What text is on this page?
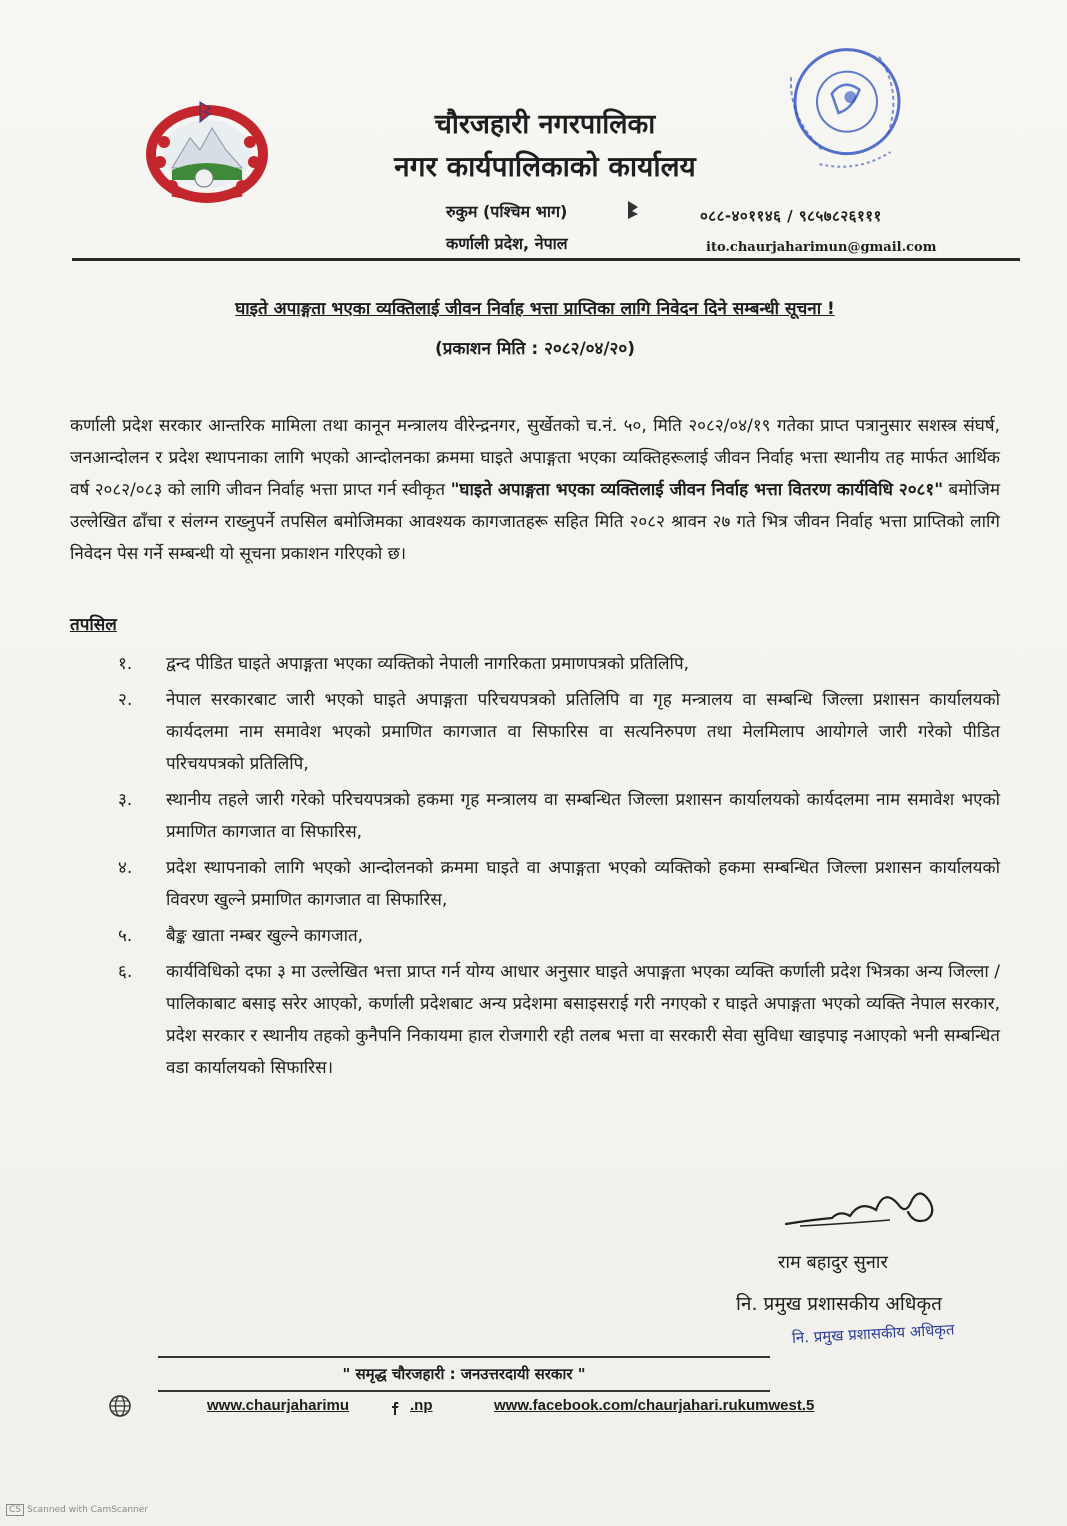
चौरजहारी नगरपालिका
नगर कार्यपालिकाको कार्यालय
रुकुम (पश्चिम भाग)
कर्णाली प्रदेश, नेपाल
०८८-४०११४६ / ९८५७८२६१११
ito.chaurjaharimun@gmail.com
घाइते अपाङ्गता भएका व्यक्तिलाई जीवन निर्वाह भत्ता प्राप्तिका लागि निवेदन दिने सम्बन्धी सूचना !
(प्रकाशन मिति : २०८२/०४/२०)
कर्णाली प्रदेश सरकार आन्तरिक मामिला तथा कानून मन्त्रालय वीरेन्द्रनगर, सुर्खेतको च.नं. ५०, मिति २०८२/०४/१९ गतेका प्राप्त पत्रानुसार सशस्त्र संघर्ष, जनआन्दोलन र प्रदेश स्थापनाका लागि भएको आन्दोलनका क्रममा घाइते अपाङ्गता भएका व्यक्तिहरूलाई जीवन निर्वाह भत्ता स्थानीय तह मार्फत आर्थिक वर्ष २०८२/०८३ को लागि जीवन निर्वाह भत्ता प्राप्त गर्न स्वीकृत "घाइते अपाङ्गता भएका व्यक्तिलाई जीवन निर्वाह भत्ता वितरण कार्यविधि २०८१" बमोजिम उल्लेखित ढाँचा र संलग्न राख्नुपर्ने तपसिल बमोजिमका आवश्यक कागजातहरू सहित मिति २०८२ श्रावन २७ गते भित्र जीवन निर्वाह भत्ता प्राप्तिको लागि निवेदन पेस गर्ने सम्बन्धी यो सूचना प्रकाशन गरिएको छ।
तपसिल
१. द्वन्द पीडित घाइते अपाङ्गता भएका व्यक्तिको नेपाली नागरिकता प्रमाणपत्रको प्रतिलिपि,
२. नेपाल सरकारबाट जारी भएको घाइते अपाङ्गता परिचयपत्रको प्रतिलिपि वा गृह मन्त्रालय वा सम्बन्धि जिल्ला प्रशासन कार्यालयको कार्यदलमा नाम समावेश भएको प्रमाणित कागजात वा सिफारिस वा सत्यनिरुपण तथा मेलमिलाप आयोगले जारी गरेको पीडित परिचयपत्रको प्रतिलिपि,
३. स्थानीय तहले जारी गरेको परिचयपत्रको हकमा गृह मन्त्रालय वा सम्बन्धित जिल्ला प्रशासन कार्यालयको कार्यदलमा नाम समावेश भएको प्रमाणित कागजात वा सिफारिस,
४. प्रदेश स्थापनाको लागि भएको आन्दोलनको क्रममा घाइते वा अपाङ्गता भएको व्यक्तिको हकमा सम्बन्धित जिल्ला प्रशासन कार्यालयको विवरण खुल्ने प्रमाणित कागजात वा सिफारिस,
५. बैङ्क खाता नम्बर खुल्ने कागजात,
६. कार्यविधिको दफा ३ मा उल्लेखित भत्ता प्राप्त गर्न योग्य आधार अनुसार घाइते अपाङ्गता भएका व्यक्ति कर्णाली प्रदेश भित्रका अन्य जिल्ला / पालिकाबाट बसाइ सरेर आएको, कर्णाली प्रदेशबाट अन्य प्रदेशमा बसाइसराई गरी नगएको र घाइते अपाङ्गता भएको व्यक्ति नेपाल सरकार, प्रदेश सरकार र स्थानीय तहको कुनैपनि निकायमा हाल रोजगारी रही तलब भत्ता वा सरकारी सेवा सुविधा खाइपाइ नआएको भनी सम्बन्धित वडा कार्यालयको सिफारिस।
राम बहादुर सुनार
नि. प्रमुख प्रशासकीय अधिकृत
नि. प्रमुख प्रशासकीय अधिकृत
" समृद्ध चौरजहारी : जनउत्तरदायी सरकार "
www.chaurjaharimu	.np	www.facebook.com/chaurjahari.rukumwest.5
CS Scanned with CamScanner
